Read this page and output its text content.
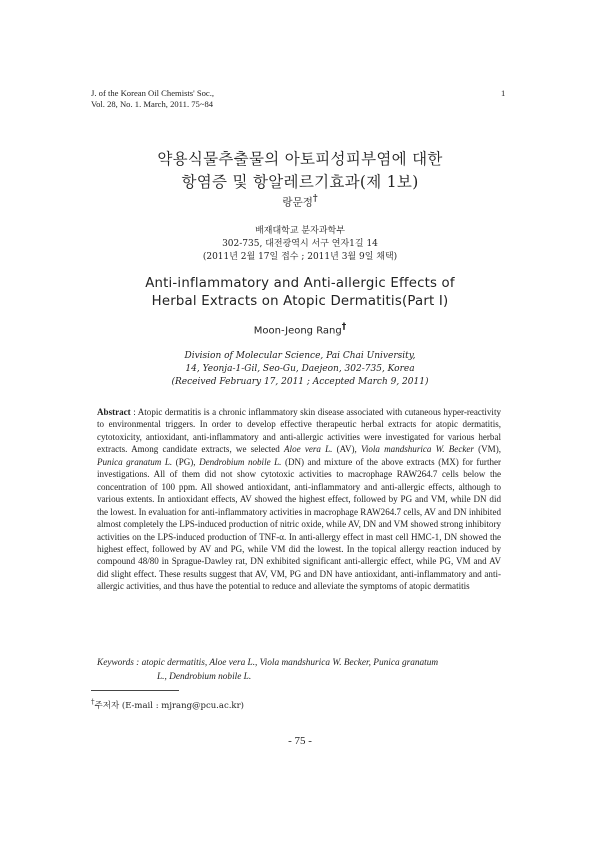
J. of the Korean Oil Chemists' Soc.,
Vol. 28, No. 1. March, 2011. 75~84
1
약용식물추출물의 아토피성피부염에 대한
항염증 및 항알레르기효과(제 1보)
랑문정†
배재대학교 분자과학부
302-735, 대전광역시 서구 연자1길 14
(2011년 2월 17일 접수 ; 2011년 3월 9일 채택)
Anti-inflammatory and Anti-allergic Effects of
Herbal Extracts on Atopic Dermatitis(Part I)
Moon-Jeong Rang†
Division of Molecular Science, Pai Chai University,
14, Yeonja-1-Gil, Seo-Gu, Daejeon, 302-735, Korea
(Received February 17, 2011 ; Accepted March 9, 2011)
Abstract : Atopic dermatitis is a chronic inflammatory skin disease associated with cutaneous hyper-reactivity to environmental triggers. In order to develop effective therapeutic herbal extracts for atopic dermatitis, cytotoxicity, antioxidant, anti-inflammatory and anti-allergic activities were investigated for various herbal extracts. Among candidate extracts, we selected Aloe vera L. (AV), Viola mandshurica W. Becker (VM), Punica granatum L. (PG), Dendrobium nobile L. (DN) and mixture of the above extracts (MX) for further investigations. All of them did not show cytotoxic activities to macrophage RAW264.7 cells below the concentration of 100 ppm. All showed antioxidant, anti-inflammatory and anti-allergic effects, although to various extents. In antioxidant effects, AV showed the highest effect, followed by PG and VM, while DN did the lowest. In evaluation for anti-inflammatory activities in macrophage RAW264.7 cells, AV and DN inhibited almost completely the LPS-induced production of nitric oxide, while AV, DN and VM showed strong inhibitory activities on the LPS-induced production of TNF-α. In anti-allergy effect in mast cell HMC-1, DN showed the highest effect, followed by AV and PG, while VM did the lowest. In the topical allergy reaction induced by compound 48/80 in Sprague-Dawley rat, DN exhibited significant anti-allergic effect, while PG, VM and AV did slight effect. These results suggest that AV, VM, PG and DN have antioxidant, anti-inflammatory and anti-allergic activities, and thus have the potential to reduce and alleviate the symptoms of atopic dermatitis
Keywords : atopic dermatitis, Aloe vera L., Viola mandshurica W. Becker, Punica granatum
L., Dendrobium nobile L.
†주저자 (E-mail : mjrang@pcu.ac.kr)
- 75 -
